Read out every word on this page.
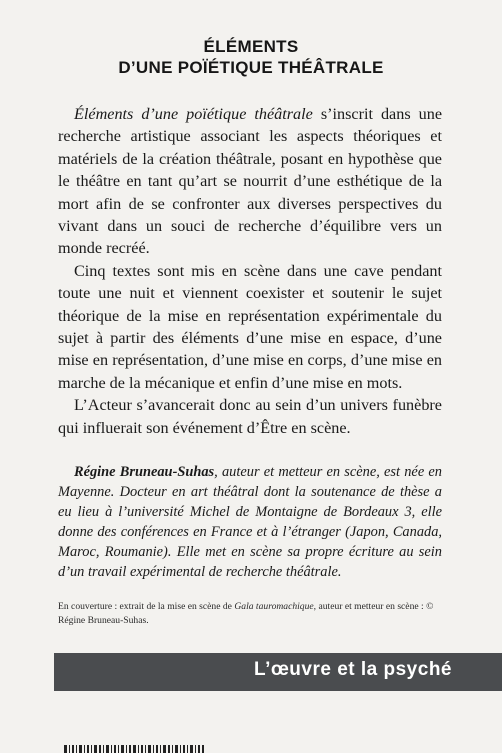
ÉLÉMENTS
D’UNE POÏÉTIQUE THÉÂTRALE

Éléments d’une poïétique théâtrale s’inscrit dans une recherche artistique associant les aspects théoriques et matériels de la création théâtrale, posant en hypothèse que le théâtre en tant qu’art se nourrit d’une esthétique de la mort afin de se confronter aux diverses perspectives du vivant dans un souci de recherche d’équilibre vers un monde recréé.

Cinq textes sont mis en scène dans une cave pendant toute une nuit et viennent coexister et soutenir le sujet théorique de la mise en représentation expérimentale du sujet à partir des éléments d’une mise en espace, d’une mise en représentation, d’une mise en corps, d’une mise en marche de la mécanique et enfin d’une mise en mots.

L’Acteur s’avancerait donc au sein d’un univers funèbre qui influerait son événement d’Être en scène.

Régine Bruneau-Suhas, auteur et metteur en scène, est née en Mayenne. Docteur en art théâtral dont la soutenance de thèse a eu lieu à l’université Michel de Montaigne de Bordeaux 3, elle donne des conférences en France et à l’étranger (Japon, Canada, Maroc, Roumanie). Elle met en scène sa propre écriture au sein d’un travail expérimental de recherche théâtrale.

En couverture : extrait de la mise en scène de Gala tauromachique, auteur et metteur en scène : © Régine Bruneau-Suhas.
L’œuvre et la psyché
